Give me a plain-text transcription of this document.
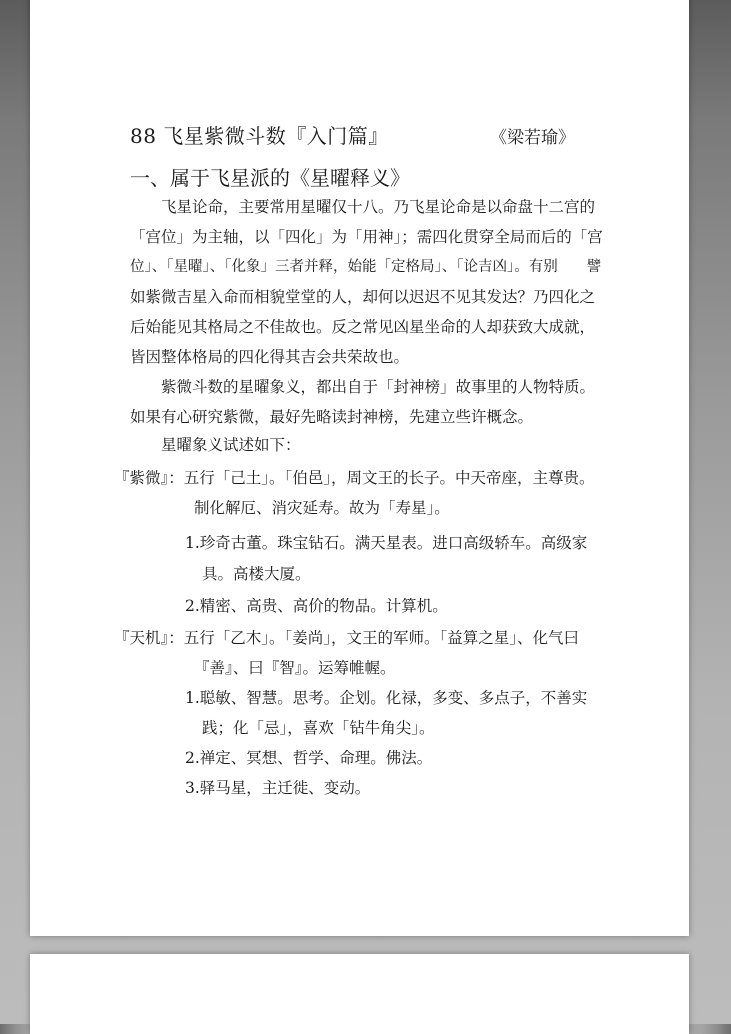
88 飞星紫微斗数『入门篇』	《梁若瑜》
一、属于飞星派的《星曜释义》

飞星论命，主要常用星曜仅十八。乃飞星论命是以命盘十二宫的

「宫位」为主轴，以「四化」为「用神」；需四化贯穿全局而后的「宫

位」、「星曜」、「化象」三者并释，始能「定格局」、「论吉凶」。有别　　譬

如紫微吉星入命而相貌堂堂的人，却何以迟迟不见其发达？乃四化之

后始能见其格局之不佳故也。反之常见凶星坐命的人却获致大成就，

皆因整体格局的四化得其吉会共荣故也。

紫微斗数的星曜象义，都出自于「封神榜」故事里的人物特质。

如果有心研究紫微，最好先略读封神榜，先建立些许概念。

星曜象义试述如下：
『紫微』：五行「己土」。「伯邑」，周文王的长子。中天帝座，主尊贵。
制化解厄、消灾延寿。故为「寿星」。
1.珍奇古董。珠宝钻石。满天星表。进口高级轿车。高级家
具。高楼大厦。
2.精密、高贵、高价的物品。计算机。
『天机』：五行「乙木」。「姜尚」，文王的军师。「益算之星」、化气曰
『善』、曰『智』。运筹帷幄。
1.聪敏、智慧。思考。企划。化禄，多变、多点子，不善实
践；化「忌」，喜欢「钻牛角尖」。
2.禅定、冥想、哲学、命理。佛法。
3.驿马星，主迁徙、变动。
